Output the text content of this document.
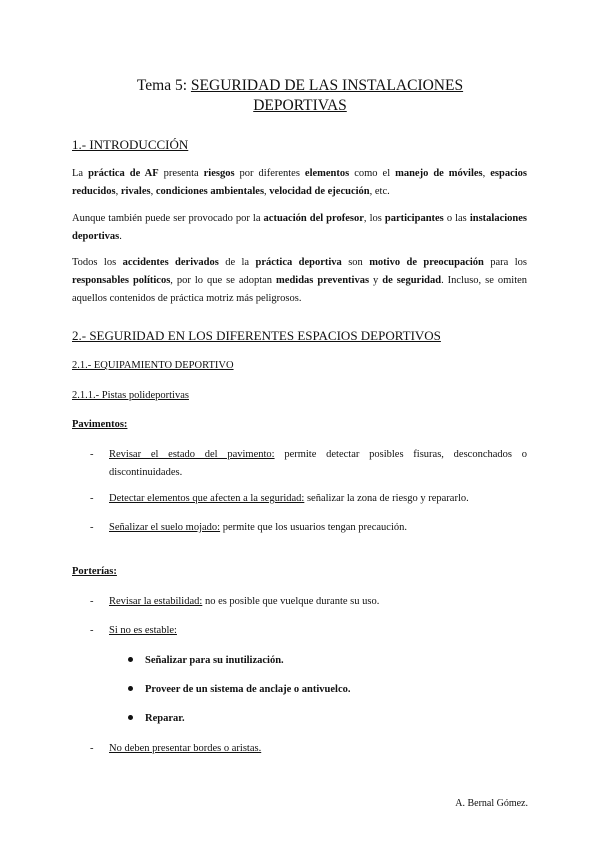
Tema 5: SEGURIDAD DE LAS INSTALACIONES
DEPORTIVAS
1.- INTRODUCCIÓN
La práctica de AF presenta riesgos por diferentes elementos como el manejo de móviles, espacios reducidos, rivales, condiciones ambientales, velocidad de ejecución, etc.
Aunque también puede ser provocado por la actuación del profesor, los participantes o las instalaciones deportivas.
Todos los accidentes derivados de la práctica deportiva son motivo de preocupación para los responsables políticos, por lo que se adoptan medidas preventivas y de seguridad. Incluso, se omiten aquellos contenidos de práctica motriz más peligrosos.
2.- SEGURIDAD EN LOS DIFERENTES ESPACIOS DEPORTIVOS
2.1.- EQUIPAMIENTO DEPORTIVO
2.1.1.- Pistas polideportivas
Pavimentos:
- Revisar el estado del pavimento: permite detectar posibles fisuras, desconchados o discontinuidades.
- Detectar elementos que afecten a la seguridad: señalizar la zona de riesgo y repararlo.
- Señalizar el suelo mojado: permite que los usuarios tengan precaución.
Porterías:
- Revisar la estabilidad: no es posible que vuelque durante su uso.
- Si no es estable:
Señalizar para su inutilización.
Proveer de un sistema de anclaje o antivuelco.
Reparar.
- No deben presentar bordes o aristas.
A. Bernal Gómez.
